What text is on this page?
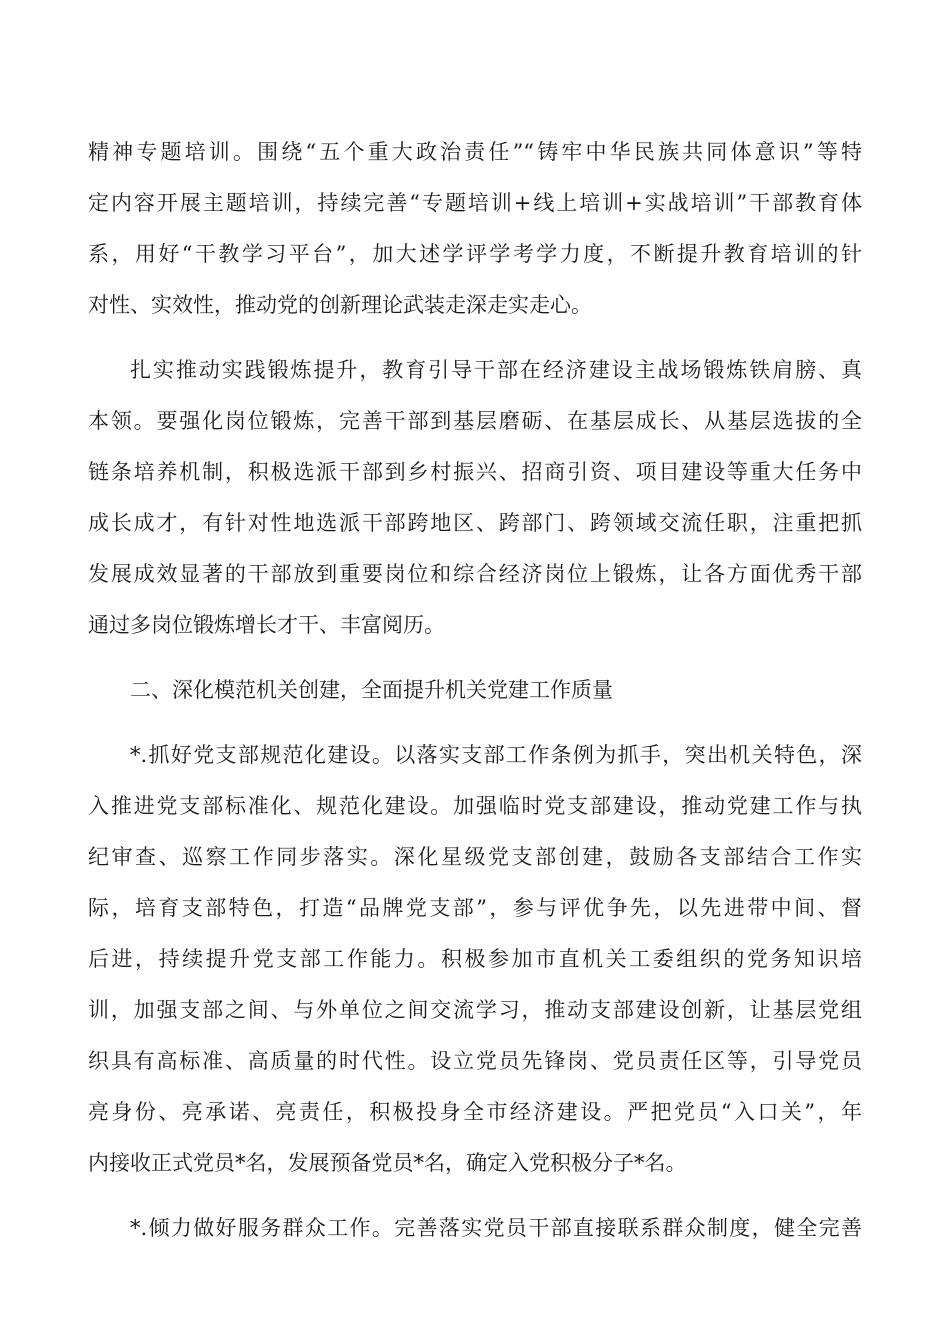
精神专题培训。围绕“五个重大政治责任”“铸牢中华民族共同体意识”等特
定内容开展主题培训，持续完善“专题培训+线上培训+实战培训”干部教育体
系，用好“干教学习平台”，加大述学评学考学力度，不断提升教育培训的针
对性、实效性，推动党的创新理论武装走深走实走心。
扎实推动实践锻炼提升，教育引导干部在经济建设主战场锻炼铁肩膀、真
本领。要强化岗位锻炼，完善干部到基层磨砺、在基层成长、从基层选拔的全
链条培养机制，积极选派干部到乡村振兴、招商引资、项目建设等重大任务中
成长成才，有针对性地选派干部跨地区、跨部门、跨领域交流任职，注重把抓
发展成效显著的干部放到重要岗位和综合经济岗位上锻炼，让各方面优秀干部
通过多岗位锻炼增长才干、丰富阅历。
二、深化模范机关创建，全面提升机关党建工作质量
*.抓好党支部规范化建设。以落实支部工作条例为抓手，突出机关特色，深
入推进党支部标准化、规范化建设。加强临时党支部建设，推动党建工作与执
纪审查、巡察工作同步落实。深化星级党支部创建，鼓励各支部结合工作实
际，培育支部特色，打造“品牌党支部”，参与评优争先，以先进带中间、督
后进，持续提升党支部工作能力。积极参加市直机关工委组织的党务知识培
训，加强支部之间、与外单位之间交流学习，推动支部建设创新，让基层党组
织具有高标准、高质量的时代性。设立党员先锋岗、党员责任区等，引导党员
亮身份、亮承诺、亮责任，积极投身全市经济建设。严把党员“入口关”，年
内接收正式党员*名，发展预备党员*名，确定入党积极分子*名。
*.倾力做好服务群众工作。完善落实党员干部直接联系群众制度，健全完善
